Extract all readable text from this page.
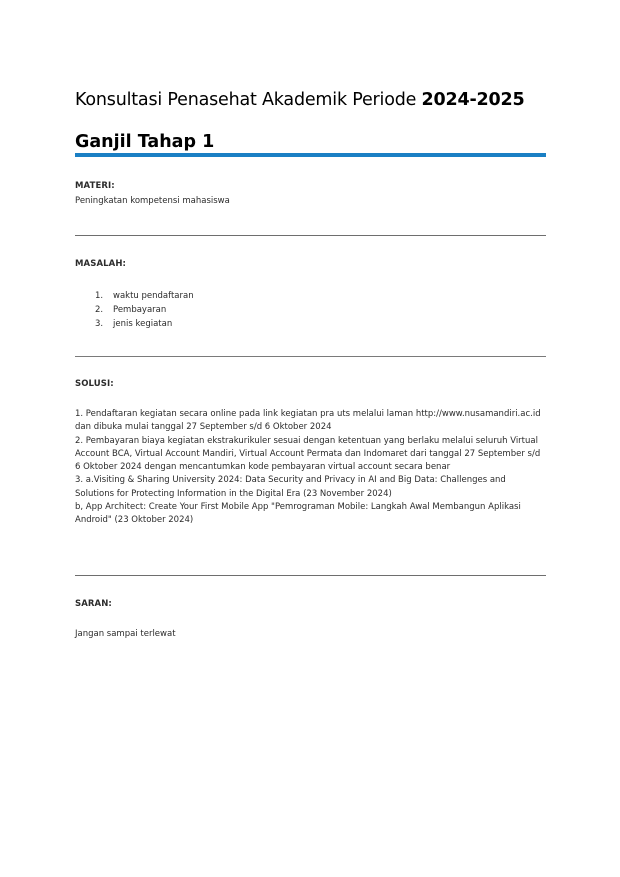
Konsultasi Penasehat Akademik Periode 2024-2025
Ganjil Tahap 1

MATERI:

Peningkatan kompetensi mahasiswa

MASALAH:

1.	waktu pendaftaran
2.	Pembayaran
3.	jenis kegiatan

SOLUSI:

1. Pendaftaran kegiatan secara online pada link kegiatan pra uts melalui laman http://www.nusamandiri.ac.id dan dibuka mulai tanggal 27 September s/d 6 Oktober 2024

2. Pembayaran biaya kegiatan ekstrakurikuler sesuai dengan ketentuan yang berlaku melalui seluruh Virtual Account BCA, Virtual Account Mandiri, Virtual Account Permata dan Indomaret dari tanggal 27 September s/d 6 Oktober 2024 dengan mencantumkan kode pembayaran virtual account secara benar

3. a.Visiting & Sharing University 2024: Data Security and Privacy in AI and Big Data: Challenges and Solutions for Protecting Information in the Digital Era (23 November 2024)

b, App Architect: Create Your First Mobile App "Pemrograman Mobile: Langkah Awal Membangun Aplikasi Android" (23 Oktober 2024)

SARAN:

Jangan sampai terlewat
